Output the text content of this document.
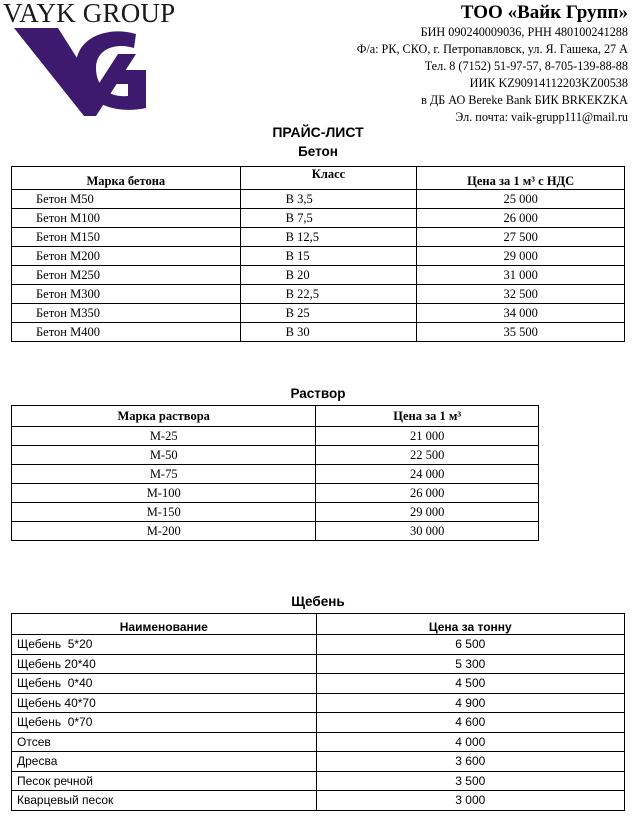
VAYK GROUP	ТОО «Вайк Групп»
БИН 090240009036, РНН 480100241288
Ф/а: РК, СКО, г. Петропавловск, ул. Я. Гашека, 27 А
Тел. 8 (7152) 51-97-57, 8-705-139-88-88
ИИК KZ90914112203KZ00538
в ДБ АО Bereke Bank БИК BRKEKZKA
Эл. почта: vaik-grupp111@mail.ru
ПРАЙС-ЛИСТ
Бетон
Марка бетона	Класс	Цена за 1 м³ с НДС
Бетон М50	В 3,5	25 000
Бетон М100	В 7,5	26 000
Бетон М150	В 12,5	27 500
Бетон М200	В 15	29 000
Бетон М250	В 20	31 000
Бетон М300	В 22,5	32 500
Бетон М350	В 25	34 000
Бетон М400	В 30	35 500
Раствор
Марка раствора	Цена за 1 м³
М-25	21 000
М-50	22 500
М-75	24 000
М-100	26 000
М-150	29 000
М-200	30 000
Щебень
Наименование	Цена за тонну
Щебень  5*20	6 500
Щебень 20*40	5 300
Щебень  0*40	4 500
Щебень 40*70	4 900
Щебень  0*70	4 600
Отсев	4 000
Дресва	3 600
Песок речной	3 500
Кварцевый песок	3 000
